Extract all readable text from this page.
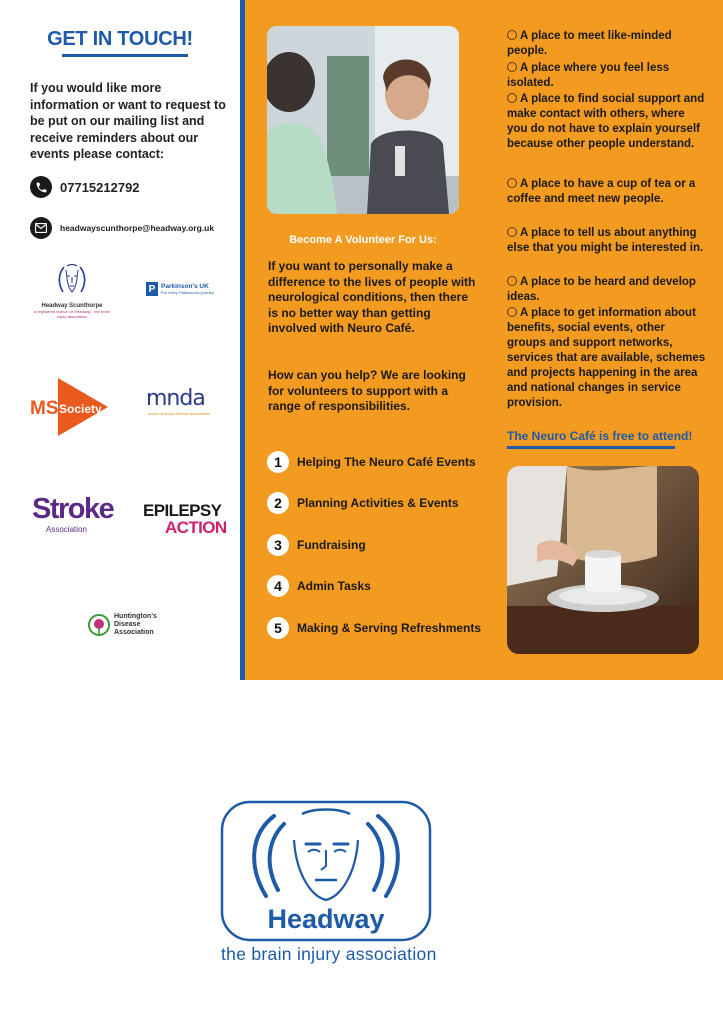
GET IN TOUCH!
If you would like more information or want to request to be put on our mailing list and receive reminders about our events please contact:
07715212792
headwayscunthorpe@headway.org.uk
Headway Scunthorpe
a registered branch of Headway - the brain injury association
P Parkinson's UK
For every Parkinson's journey
MS Society mnda
motor neurone disease association
Stroke
Association
EPILEPSY
ACTION
Huntington's Disease Association
Become A Volunteer For Us:
If you want to personally make a difference to the lives of people with neurological conditions, then there is no better way than getting involved with Neuro Café.
How can you help? We are looking for volunteers to support with a range of responsibilities.
1	Helping The Neuro Café Events
2	Planning Activities & Events
3	Fundraising
4	Admin Tasks
5	Making & Serving Refreshments
A place to meet like-minded people.
A place where you feel less isolated.
A place to find social support and make contact with others, where you do not have to explain yourself because other people understand.
A place to have a cup of tea or a coffee and meet new people.
A place to tell us about anything else that you might be interested in.
A place to be heard and develop ideas.
A place to get information about benefits, social events, other groups and support networks, services that are available, schemes and projects happening in the area and national changes in service provision.
The Neuro Café is free to attend!
Headway
the brain injury association
